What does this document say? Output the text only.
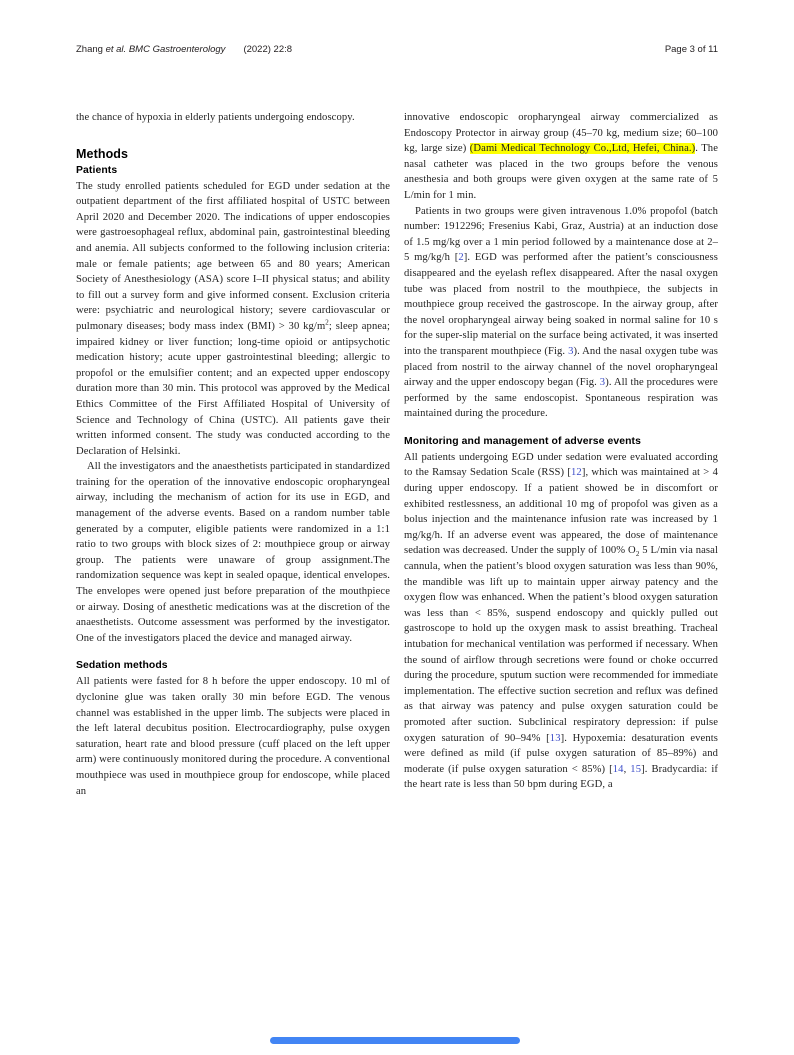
Zhang et al. BMC Gastroenterology (2022) 22:8	Page 3 of 11

the chance of hypoxia in elderly patients undergoing endoscopy.

Methods
Patients

The study enrolled patients scheduled for EGD under sedation at the outpatient department of the first affiliated hospital of USTC between April 2020 and December 2020. The indications of upper endoscopies were gastroesophageal reflux, abdominal pain, gastrointestinal bleeding and anemia. All subjects conformed to the following inclusion criteria: male or female patients; age between 65 and 80 years; American Society of Anesthesiology (ASA) score I–II physical status; and ability to fill out a survey form and give informed consent. Exclusion criteria were: psychiatric and neurological history; severe cardiovascular or pulmonary diseases; body mass index (BMI) > 30 $kg/m^2$; sleep apnea; impaired kidney or liver function; long-time opioid or antipsychotic medication history; acute upper gastrointestinal bleeding; allergic to propofol or the emulsifier content; and an expected upper endoscopy duration more than 30 min. This protocol was approved by the Medical Ethics Committee of the First Affiliated Hospital of University of Science and Technology of China (USTC). All patients gave their written informed consent. The study was conducted according to the Declaration of Helsinki.

All the investigators and the anaesthetists participated in standardized training for the operation of the innovative endoscopic oropharyngeal airway, including the mechanism of action for its use in EGD, and management of the adverse events. Based on a random number table generated by a computer, eligible patients were randomized in a 1:1 ratio to two groups with block sizes of 2: mouthpiece group or airway group. The patients were unaware of group assignment.The randomization sequence was kept in sealed opaque, identical envelopes. The envelopes were opened just before preparation of the mouthpiece or airway. Dosing of anesthetic medications was at the discretion of the anaesthetists. Outcome assessment was performed by the investigator. One of the investigators placed the device and managed airway.

Sedation methods

All patients were fasted for 8 h before the upper endoscopy. 10 ml of dyclonine glue was taken orally 30 min before EGD. The venous channel was established in the upper limb. The subjects were placed in the left lateral decubitus position. Electrocardiography, pulse oxygen saturation, heart rate and blood pressure (cuff placed on the left upper arm) were continuously monitored during the procedure. A conventional mouthpiece was used in mouthpiece group for endoscope, while placed an

innovative endoscopic oropharyngeal airway commercialized as Endoscopy Protector in airway group (45–70 kg, medium size; 60–100 kg, large size) (Dami Medical Technology Co.,Ltd, Hefei, China.). The nasal catheter was placed in the two groups before the venous anesthesia and both groups were given oxygen at the same rate of 5 L/min for 1 min.

Patients in two groups were given intravenous 1.0% propofol (batch number: 1912296; Fresenius Kabi, Graz, Austria) at an induction dose of 1.5 mg/kg over a 1 min period followed by a maintenance dose at 2–5 mg/kg/h [2]. EGD was performed after the patient’s consciousness disappeared and the eyelash reflex disappeared. After the nasal oxygen tube was placed from nostril to the mouthpiece, the subjects in mouthpiece group received the gastroscope. In the airway group, after the novel oropharyngeal airway being soaked in normal saline for 10 s for the super-slip material on the surface being activated, it was inserted into the transparent mouthpiece (Fig. 3). And the nasal oxygen tube was placed from nostril to the airway channel of the novel oropharyngeal airway and the upper endoscopy began (Fig. 3). All the procedures were performed by the same endoscopist. Spontaneous respiration was maintained during the procedure.

Monitoring and management of adverse events

All patients undergoing EGD under sedation were evaluated according to the Ramsay Sedation Scale (RSS) [12], which was maintained at > 4 during upper endoscopy. If a patient showed be in discomfort or exhibited restlessness, an additional 10 mg of propofol was given as a bolus injection and the maintenance infusion rate was increased by 1 mg/kg/h. If an adverse event was appeared, the dose of maintenance sedation was decreased. Under the supply of 100% $O_2$ 5 L/min via nasal cannula, when the patient’s blood oxygen saturation was less than 90%, the mandible was lift up to maintain upper airway patency and the oxygen flow was enhanced. When the patient’s blood oxygen saturation was less than < 85%, suspend endoscopy and quickly pulled out gastroscope to hold up the oxygen mask to assist breathing. Tracheal intubation for mechanical ventilation was performed if necessary. When the sound of airflow through secretions were found or choke occurred during the procedure, sputum suction were recommended for immediate implementation. The effective suction secretion and reflux was defined as that airway was patency and pulse oxygen saturation could be promoted after suction. Subclinical respiratory depression: if pulse oxygen saturation of 90–94% [13]. Hypoxemia: desaturation events were defined as mild (if pulse oxygen saturation of 85–89%) and moderate (if pulse oxygen saturation < 85%) [14, 15]. Bradycardia: if the heart rate is less than 50 bpm during EGD, a
